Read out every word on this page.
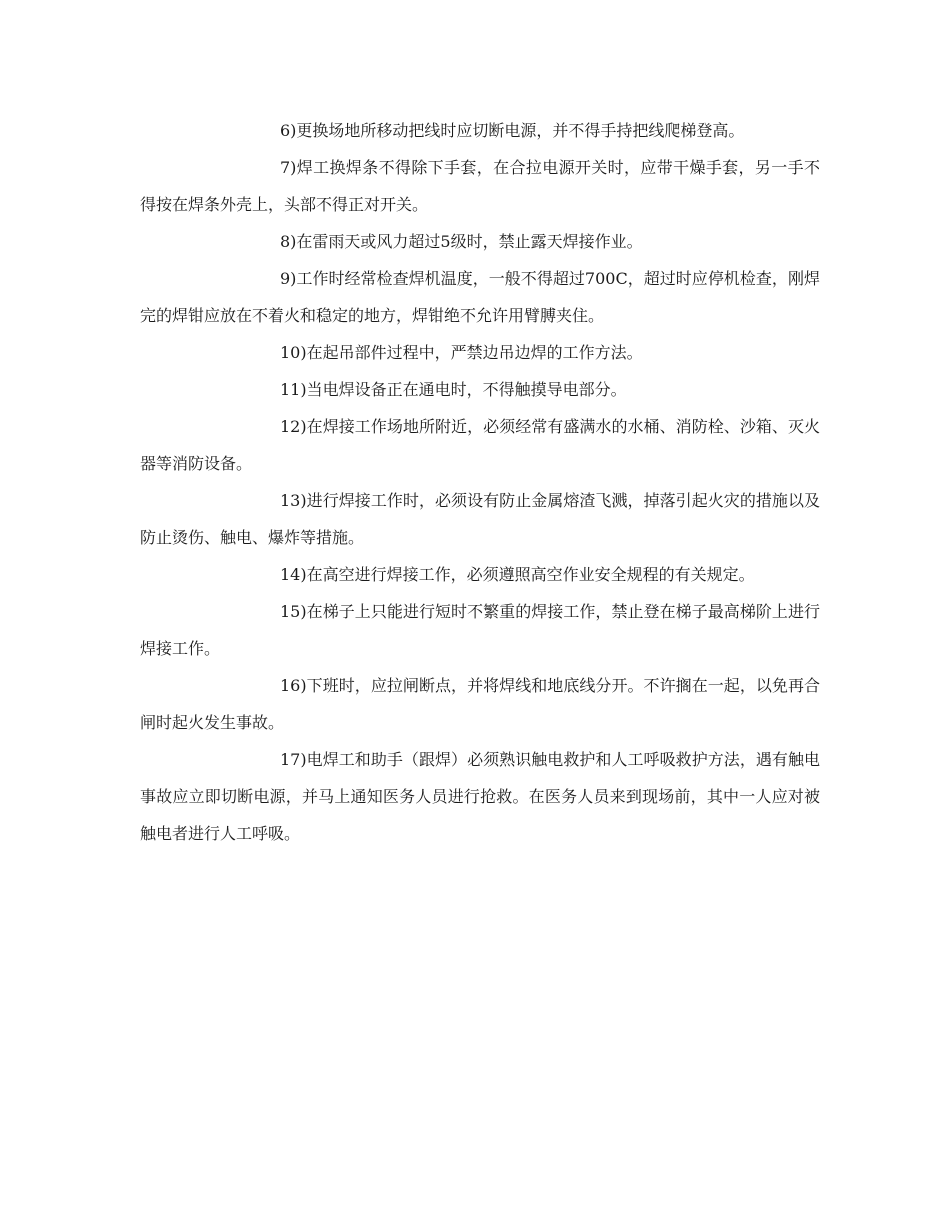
6)更换场地所移动把线时应切断电源，并不得手持把线爬梯登高。

7)焊工换焊条不得除下手套，在合拉电源开关时，应带干燥手套，另一手不得按在焊条外壳上，头部不得正对开关。

8)在雷雨天或风力超过5级时，禁止露天焊接作业。

9)工作时经常检查焊机温度，一般不得超过700C，超过时应停机检查，刚焊完的焊钳应放在不着火和稳定的地方，焊钳绝不允许用臂膊夹住。

10)在起吊部件过程中，严禁边吊边焊的工作方法。

11)当电焊设备正在通电时，不得触摸导电部分。

12)在焊接工作场地所附近，必须经常有盛满水的水桶、消防栓、沙箱、灭火器等消防设备。

13)进行焊接工作时，必须设有防止金属熔渣飞溅，掉落引起火灾的措施以及防止烫伤、触电、爆炸等措施。

14)在高空进行焊接工作，必须遵照高空作业安全规程的有关规定。

15)在梯子上只能进行短时不繁重的焊接工作，禁止登在梯子最高梯阶上进行焊接工作。

16)下班时，应拉闸断点，并将焊线和地底线分开。不许搁在一起，以免再合闸时起火发生事故。

17)电焊工和助手（跟焊）必须熟识触电救护和人工呼吸救护方法，遇有触电事故应立即切断电源，并马上通知医务人员进行抢救。在医务人员来到现场前，其中一人应对被触电者进行人工呼吸。
